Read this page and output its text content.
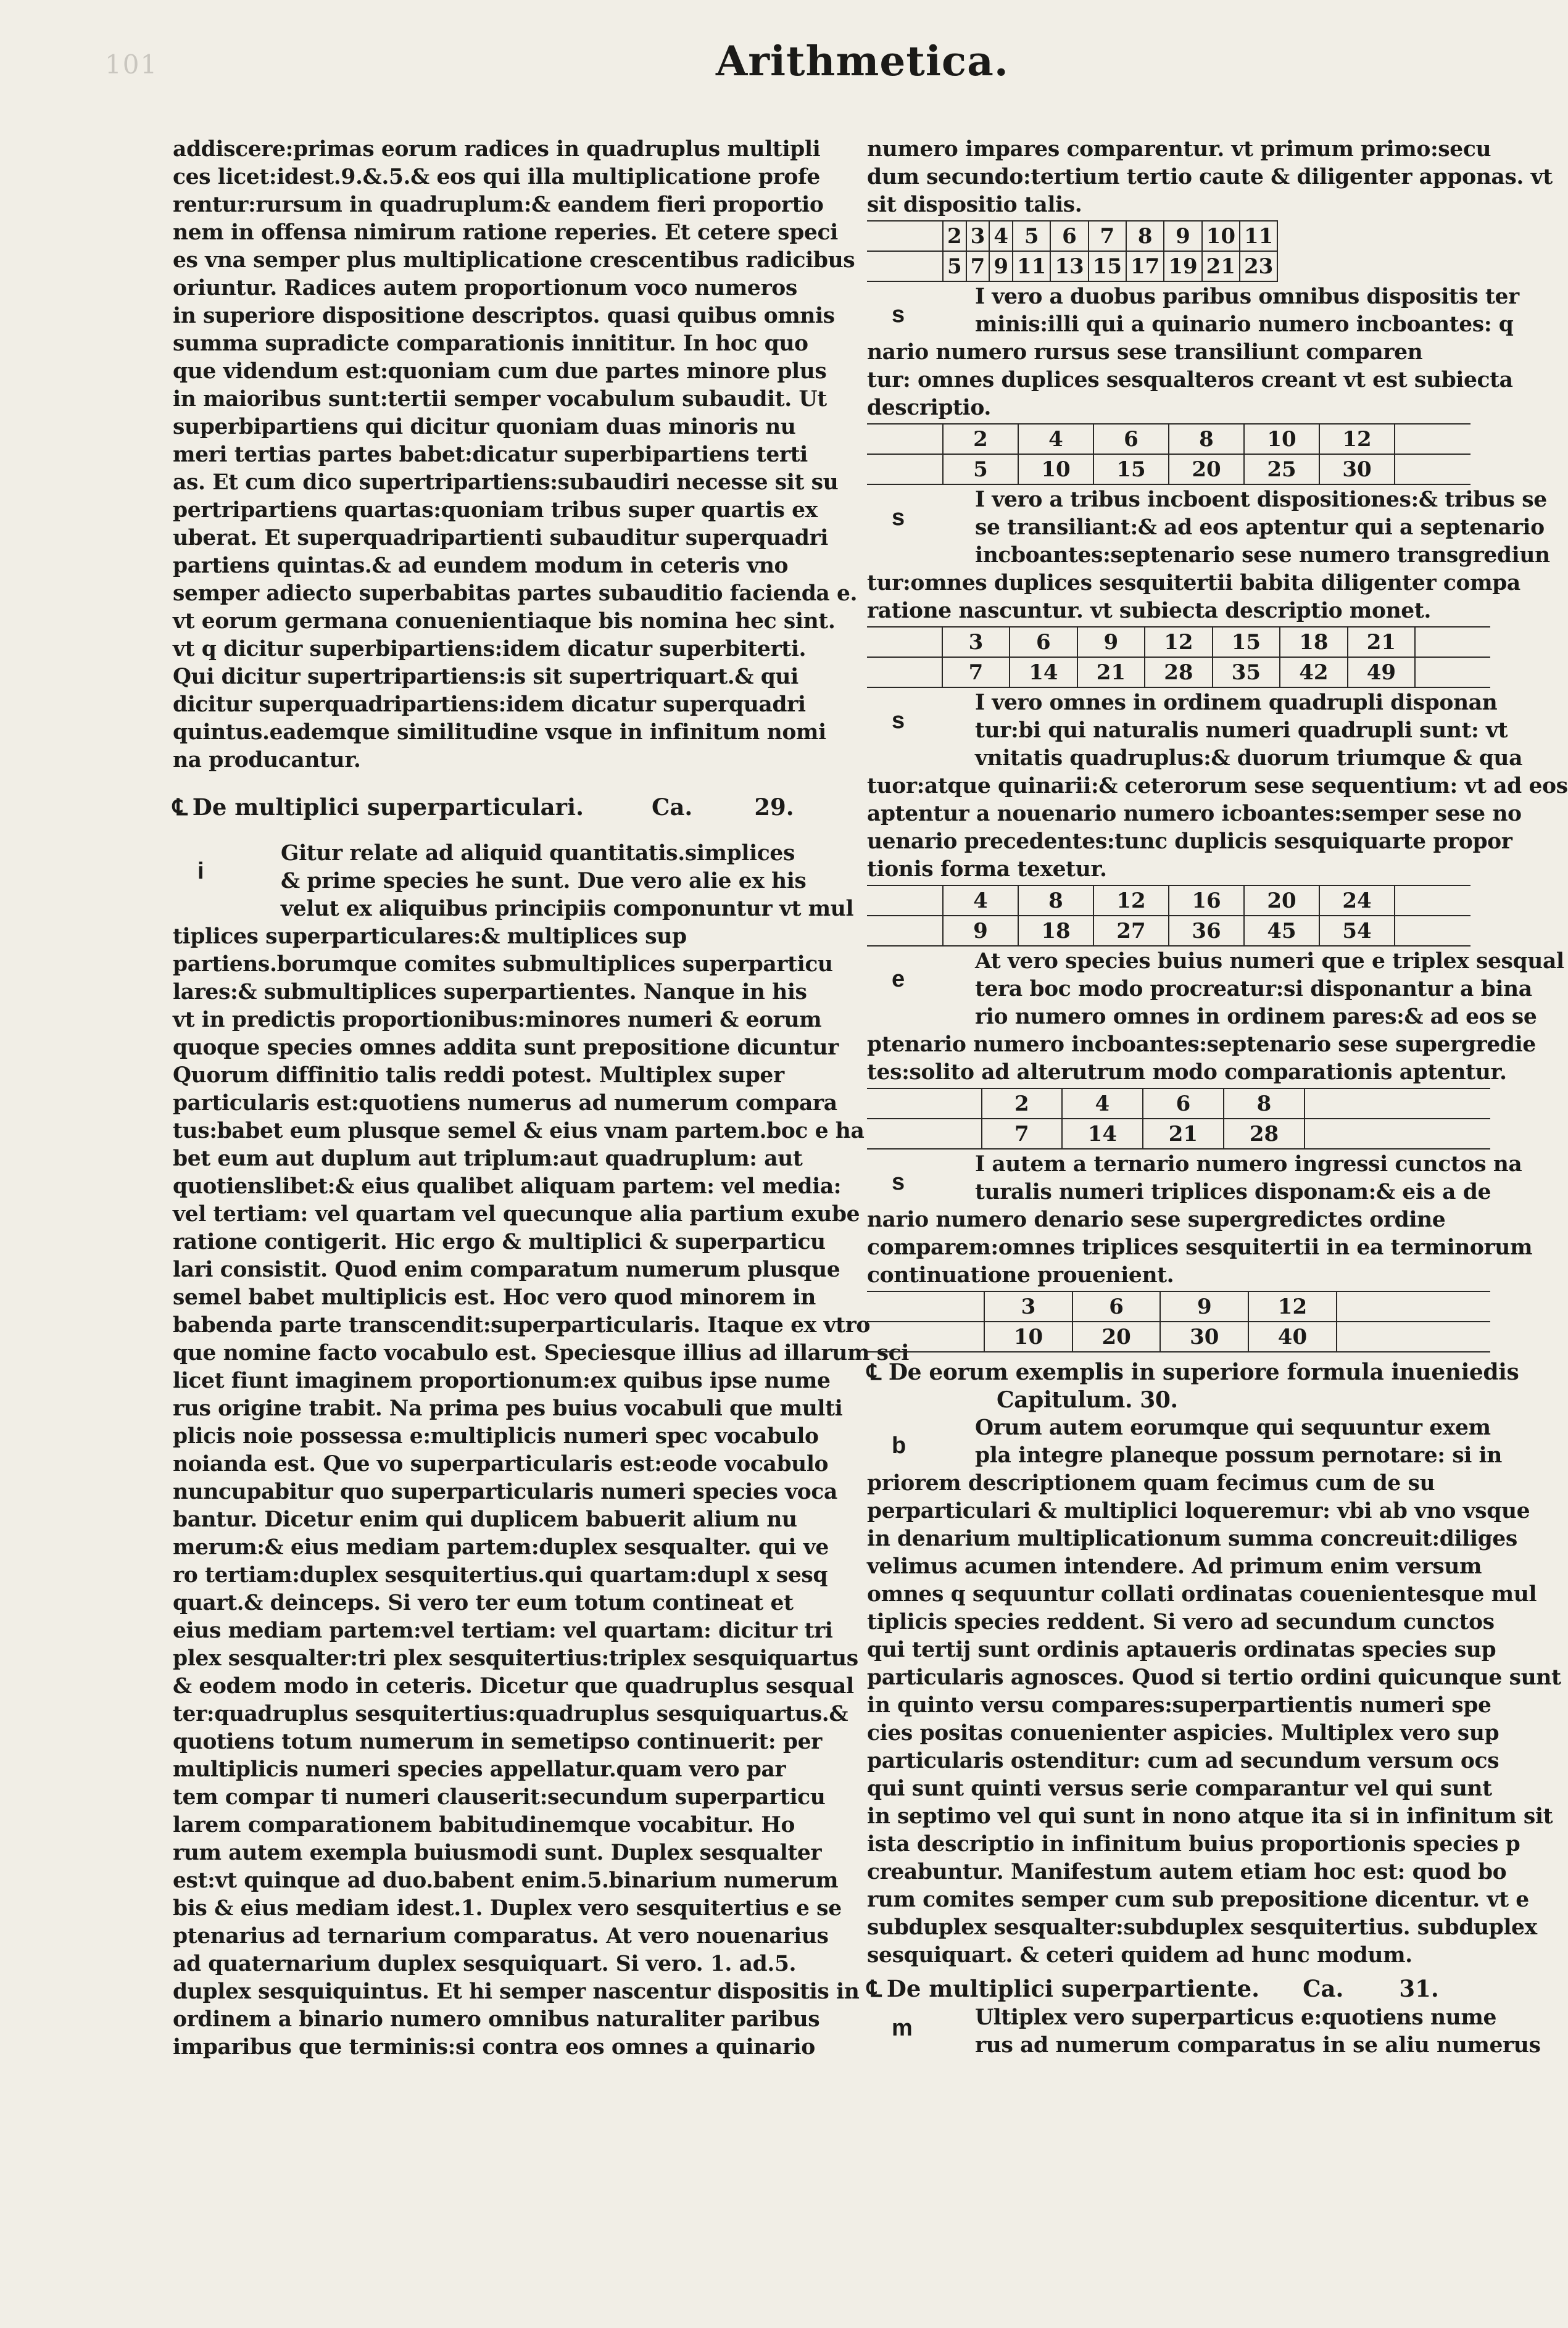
101	Arithmetica.
addiscere:primas eorum radices in quadruplus multipli
ces licet:idest.9.&.5.& eos qui illa multiplicatione profe
rentur:rursum in quadruplum:& eandem fieri proportio
nem in offensa nimirum ratione reperies. Et cetere speci
es vna semper plus multiplicatione crescentibus radicibus
oriuntur. Radices autem proportionum voco numeros
in superiore dispositione descriptos. quasi quibus omnis
summa supradicte comparationis innititur. In hoc quo
que videndum est:quoniam cum due partes minore plus
in maioribus sunt:tertii semper vocabulum subaudit. Ut
superbipartiens qui dicitur quoniam duas minoris nu
meri tertias partes babet:dicatur superbipartiens terti
as. Et cum dico supertripartiens:subaudiri necesse sit su
pertripartiens quartas:quoniam tribus super quartis ex
uberat. Et superquadripartienti subauditur superquadri
partiens quintas.& ad eundem modum in ceteris vno
semper adiecto superbabitas partes subauditio facienda e.
vt eorum germana conuenientiaque bis nomina hec sint.
vt q dicitur superbipartiens:idem dicatur superbiterti.
Qui dicitur supertripartiens:is sit supertriquart.& qui
dicitur superquadripartiens:idem dicatur superquadri
quintus.eademque similitudine vsque in infinitum nomi
na producantur.
℄ De multiplici superparticulari.	Ca.	29.
i
Gitur relate ad aliquid quantitatis.simplices
& prime species he sunt. Due vero alie ex his
velut ex aliquibus principiis componuntur vt mul
tiplices superparticulares:& multiplices sup
partiens.borumque comites submultiplices superparticu
lares:& submultiplices superpartientes. Nanque in his
vt in predictis proportionibus:minores numeri & eorum
quoque species omnes addita sunt prepositione dicuntur
Quorum diffinitio talis reddi potest. Multiplex super
particularis est:quotiens numerus ad numerum compara
tus:babet eum plusque semel & eius vnam partem.boc e ha
bet eum aut duplum aut triplum:aut quadruplum: aut
quotienslibet:& eius qualibet aliquam partem: vel media:
vel tertiam: vel quartam vel quecunque alia partium exube
ratione contigerit. Hic ergo & multiplici & superparticu
lari consistit. Quod enim comparatum numerum plusque
semel babet multiplicis est. Hoc vero quod minorem in
babenda parte transcendit:superparticularis. Itaque ex vtro
que nomine facto vocabulo est. Speciesque illius ad illarum sci
licet fiunt imaginem proportionum:ex quibus ipse nume
rus origine trabit. Na prima pes buius vocabuli que multi
plicis noie possessa e:multiplicis numeri spec vocabulo
noianda est. Que vo superparticularis est:eode vocabulo
nuncupabitur quo superparticularis numeri species voca
bantur. Dicetur enim qui duplicem babuerit alium nu
merum:& eius mediam partem:duplex sesqualter. qui ve
ro tertiam:duplex sesquitertius.qui quartam:dupl x sesq
quart.& deinceps. Si vero ter eum totum contineat et
eius mediam partem:vel tertiam: vel quartam: dicitur tri
plex sesqualter:tri plex sesquitertius:triplex sesquiquartus
& eodem modo in ceteris. Dicetur que quadruplus sesqual
ter:quadruplus sesquitertius:quadruplus sesquiquartus.&
quotiens totum numerum in semetipso continuerit: per
multiplicis numeri species appellatur.quam vero par
tem compar ti numeri clauserit:secundum superparticu
larem comparationem babitudinemque vocabitur. Ho
rum autem exempla buiusmodi sunt. Duplex sesqualter
est:vt quinque ad duo.babent enim.5.binarium numerum
bis & eius mediam idest.1. Duplex vero sesquitertius e se
ptenarius ad ternarium comparatus. At vero nouenarius
ad quaternarium duplex sesquiquart. Si vero. 1. ad.5.
duplex sesquiquintus. Et hi semper nascentur dispositis in
ordinem a binario numero omnibus naturaliter paribus
imparibus que terminis:si contra eos omnes a quinario
numero impares comparentur. vt primum primo:secu
dum secundo:tertium tertio caute & diligenter apponas. vt
sit dispositio talis.
	2	3	4	5	6	7	8	9	10	11
	5	7	9	11	13	15	17	19	21	23
s
I vero a duobus paribus omnibus dispositis ter
minis:illi qui a quinario numero incboantes: q
nario numero rursus sese transiliunt comparen
tur: omnes duplices sesqualteros creant vt est subiecta
descriptio.
	2	4	6	8	10	12	
	5	10	15	20	25	30	
s
I vero a tribus incboent dispositiones:& tribus se
se transiliant:& ad eos aptentur qui a septenario
incboantes:septenario sese numero transgrediun
tur:omnes duplices sesquitertii babita diligenter compa
ratione nascuntur. vt subiecta descriptio monet.
	3	6	9	12	15	18	21	
	7	14	21	28	35	42	49	
s
I vero omnes in ordinem quadrupli disponan
tur:bi qui naturalis numeri quadrupli sunt: vt
vnitatis quadruplus:& duorum triumque & qua
tuor:atque quinarii:& ceterorum sese sequentium: vt ad eos
aptentur a nouenario numero icboantes:semper sese no
uenario precedentes:tunc duplicis sesquiquarte propor
tionis forma texetur.
	4	8	12	16	20	24	
	9	18	27	36	45	54	
e
At vero species buius numeri que e triplex sesqual
tera boc modo procreatur:si disponantur a bina
rio numero omnes in ordinem pares:& ad eos se
ptenario numero incboantes:septenario sese supergredie
tes:solito ad alterutrum modo comparationis aptentur.
	2	4	6	8	
	7	14	21	28	
s
I autem a ternario numero ingressi cunctos na
turalis numeri triplices disponam:& eis a de
nario numero denario sese supergredictes ordine
comparem:omnes triplices sesquitertii in ea terminorum
continuatione prouenient.
	3	6	9	12	
	10	20	30	40	
℄ De eorum exemplis in superiore formula inueniedis
Capitulum. 30.
b
Orum autem eorumque qui sequuntur exem
pla integre planeque possum pernotare: si in
priorem descriptionem quam fecimus cum de su
perparticulari & multiplici loqueremur: vbi ab vno vsque
in denarium multiplicationum summa concreuit:diliges
velimus acumen intendere. Ad primum enim versum
omnes q sequuntur collati ordinatas couenientesque mul
tiplicis species reddent. Si vero ad secundum cunctos
qui tertij sunt ordinis aptaueris ordinatas species sup
particularis agnosces. Quod si tertio ordini quicunque sunt
in quinto versu compares:superpartientis numeri spe
cies positas conuenienter aspicies. Multiplex vero sup
particularis ostenditur: cum ad secundum versum ocs
qui sunt quinti versus serie comparantur vel qui sunt
in septimo vel qui sunt in nono atque ita si in infinitum sit
ista descriptio in infinitum buius proportionis species p
creabuntur. Manifestum autem etiam hoc est: quod bo
rum comites semper cum sub prepositione dicentur. vt e
subduplex sesqualter:subduplex sesquitertius. subduplex
sesquiquart. & ceteri quidem ad hunc modum.
℄ De multiplici superpartiente. Ca. 31.
m	Ultiplex vero superparticus e:quotiens nume
rus ad numerum comparatus in se aliu numerus
